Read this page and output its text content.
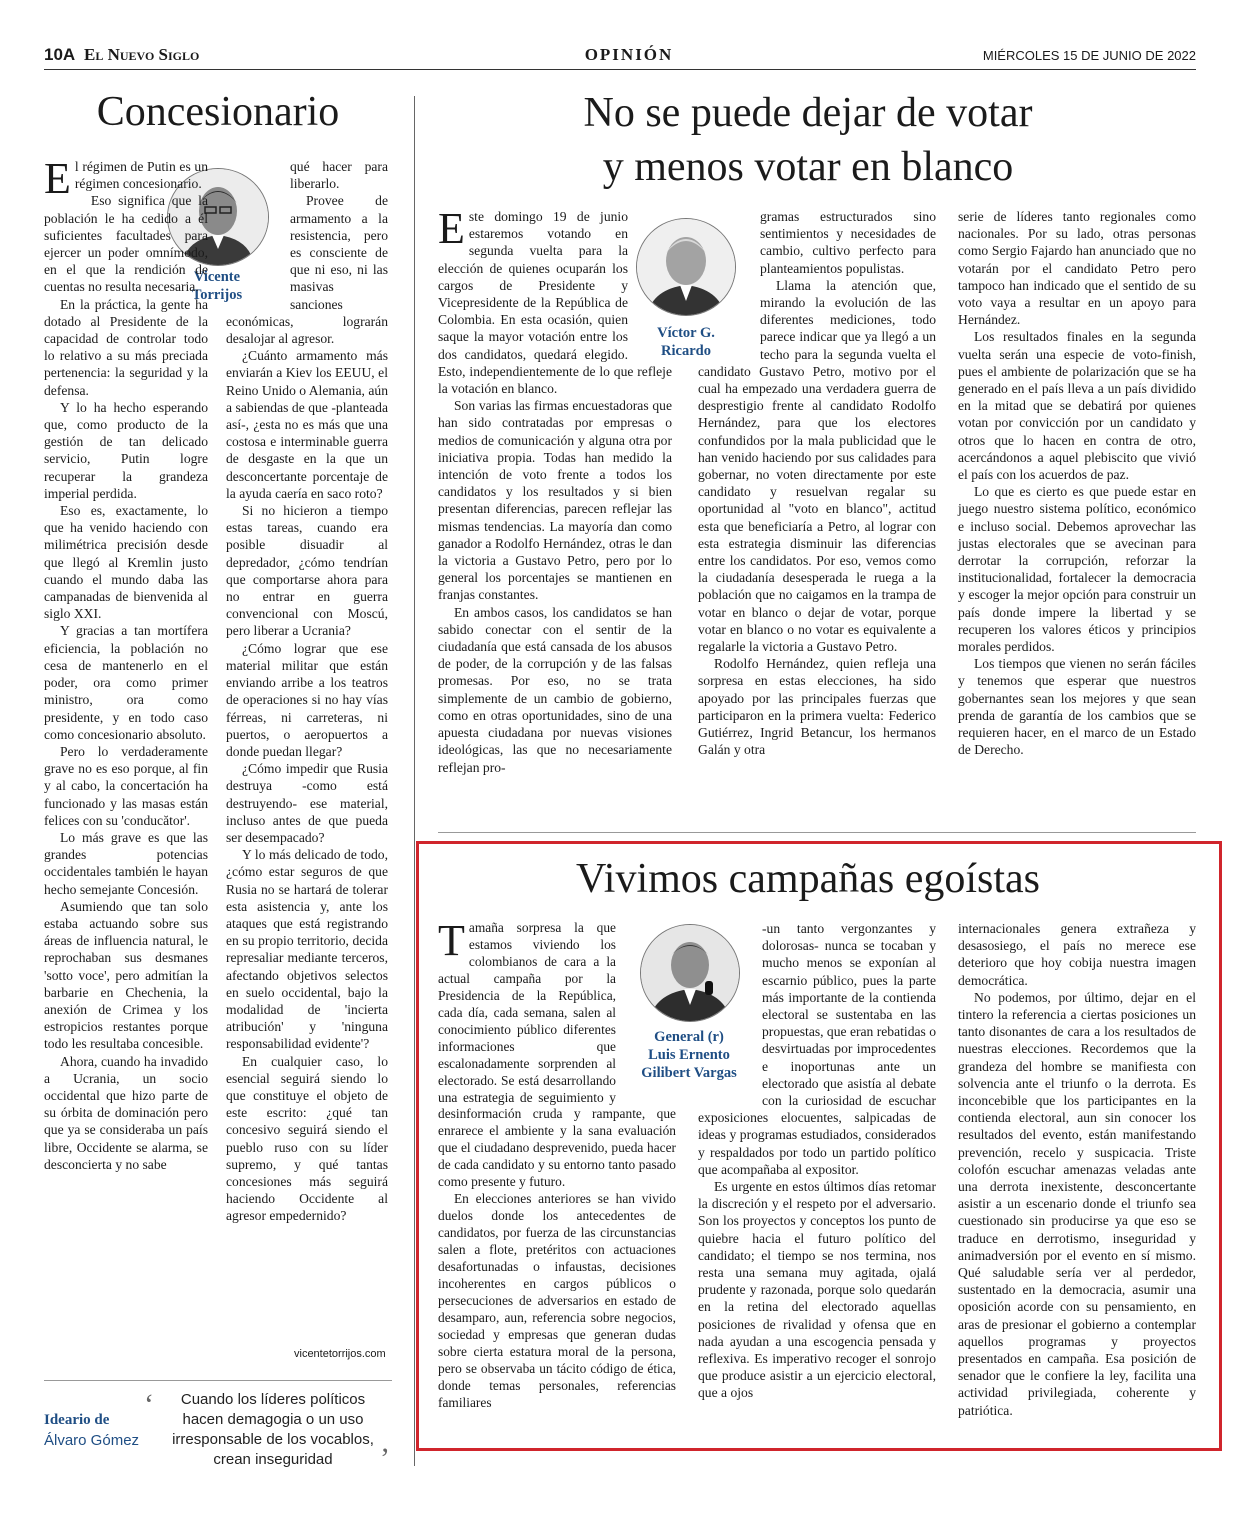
10A El Nuevo Siglo	OPINIÓN	MIÉRCOLES 15 DE JUNIO DE 2022
Concesionario
Vicente Torrijos
E l régimen de Putin es un régimen concesionario.

Eso significa que la población le ha cedido a él suficientes facultades para ejercer un poder omnímodo, en el que la rendición de cuentas no resulta necesaria.

En la práctica, la gente ha dotado al Presidente de la capacidad de controlar todo lo relativo a su más preciada pertenencia: la seguridad y la defensa.

Y lo ha hecho esperando que, como producto de la gestión de tan delicado servicio, Putin logre recuperar la grandeza imperial perdida.

Eso es, exactamente, lo que ha venido haciendo con milimétrica precisión desde que llegó al Kremlin justo cuando el mundo daba las campanadas de bienvenida al siglo XXI.

Y gracias a tan mortífera eficiencia, la población no cesa de mantenerlo en el poder, ora como primer ministro, ora como presidente, y en todo caso como concesionario absoluto.

Pero lo verdaderamente grave no es eso porque, al fin y al cabo, la concertación ha funcionado y las masas están felices con su 'conducător'.

Lo más grave es que las grandes potencias occidentales también le hayan hecho semejante Concesión.

Asumiendo que tan solo estaba actuando sobre sus áreas de influencia natural, le reprochaban sus desmanes 'sotto voce', pero admitían la barbarie en Chechenia, la anexión de Crimea y los estropicios restantes porque todo les resultaba concesible.

Ahora, cuando ha invadido a Ucrania, un socio occidental que hizo parte de su órbita de dominación pero que ya se consideraba un país libre, Occidente se alarma, se desconcierta y no sabe

qué hacer para liberarlo.

Provee de armamento a la resistencia, pero es consciente de que ni eso, ni las masivas sanciones económicas, lograrán desalojar al agresor.

¿Cuánto armamento más enviarán a Kiev los EEUU, el Reino Unido o Alemania, aún a sabiendas de que -planteada así-, ¿esta no es más que una costosa e interminable guerra de desgaste en la que un desconcertante porcentaje de la ayuda caería en saco roto?

Si no hicieron a tiempo estas tareas, cuando era posible disuadir al depredador, ¿cómo tendrían que comportarse ahora para no entrar en guerra convencional con Moscú, pero liberar a Ucrania?

¿Cómo lograr que ese material militar que están enviando arribe a los teatros de operaciones si no hay vías férreas, ni carreteras, ni puertos, o aeropuertos a donde puedan llegar?

¿Cómo impedir que Rusia destruya -como está destruyendo- ese material, incluso antes de que pueda ser desempacado?

Y lo más delicado de todo, ¿cómo estar seguros de que Rusia no se hartará de tolerar esta asistencia y, ante los ataques que está registrando en su propio territorio, decida represaliar mediante terceros, afectando objetivos selectos en suelo occidental, bajo la modalidad de 'incierta atribución' y 'ninguna responsabilidad evidente'?

En cualquier caso, lo esencial seguirá siendo lo que constituye el objeto de este escrito: ¿qué tan concesivo seguirá siendo el pueblo ruso con su líder supremo, y qué tantas concesiones más seguirá haciendo Occidente al agresor empedernido?

vicentetorrijos.com
Ideario de
Álvaro Gómez
‘	Cuando los líderes políticos hacen demagogia o un uso irresponsable de los vocablos, crean inseguridad	’
No se puede dejar de votar
y menos votar en blanco
Víctor G. Ricardo
E ste domingo 19 de junio estaremos votando en segunda vuelta para la elección de quienes ocuparán los cargos de Presidente y Vicepresidente de la República de Colombia. En esta ocasión, quien saque la mayor votación entre los dos candidatos, quedará elegido. Esto, independientemente de lo que refleje la votación en blanco.

Son varias las firmas encuestadoras que han sido contratadas por empresas o medios de comunicación y alguna otra por iniciativa propia. Todas han medido la intención de voto frente a todos los candidatos y los resultados y si bien presentan diferencias, parecen reflejar las mismas tendencias. La mayoría dan como ganador a Rodolfo Hernández, otras le dan la victoria a Gustavo Petro, pero por lo general los porcentajes se mantienen en franjas constantes.

En ambos casos, los candidatos se han sabido conectar con el sentir de la ciudadanía que está cansada de los abusos de poder, de la corrupción y de las falsas promesas. Por eso, no se trata simplemente de un cambio de gobierno, como en otras oportunidades, sino de una apuesta ciudadana por nuevas visiones ideológicas, las que no necesariamente reflejan pro-

gramas estructurados sino sentimientos y necesidades de cambio, cultivo perfecto para planteamientos populistas.

Llama la atención que, mirando la evolución de las diferentes mediciones, todo parece indicar que ya llegó a un techo para la segunda vuelta el candidato Gustavo Petro, motivo por el cual ha empezado una verdadera guerra de desprestigio frente al candidato Rodolfo Hernández, para que los electores confundidos por la mala publicidad que le han venido haciendo por sus calidades para gobernar, no voten directamente por este candidato y resuelvan regalar su oportunidad al "voto en blanco", actitud esta que beneficiaría a Petro, al lograr con esta estrategia disminuir las diferencias entre los candidatos. Por eso, vemos como la ciudadanía desesperada le ruega a la población que no caigamos en la trampa de votar en blanco o dejar de votar, porque votar en blanco o no votar es equivalente a regalarle la victoria a Gustavo Petro.

Rodolfo Hernández, quien refleja una sorpresa en estas elecciones, ha sido apoyado por las principales fuerzas que participaron en la primera vuelta: Federico Gutiérrez, Ingrid Betancur, los hermanos Galán y otra

serie de líderes tanto regionales como nacionales. Por su lado, otras personas como Sergio Fajardo han anunciado que no votarán por el candidato Petro pero tampoco han indicado que el sentido de su voto vaya a resultar en un apoyo para Hernández.

Los resultados finales en la segunda vuelta serán una especie de voto-finish, pues el ambiente de polarización que se ha generado en el país lleva a un país dividido en la mitad que se debatirá por quienes votan por convicción por un candidato y otros que lo hacen en contra de otro, acercándonos a aquel plebiscito que vivió el país con los acuerdos de paz.

Lo que es cierto es que puede estar en juego nuestro sistema político, económico e incluso social. Debemos aprovechar las justas electorales que se avecinan para derrotar la corrupción, reforzar la institucionalidad, fortalecer la democracia y escoger la mejor opción para construir un país donde impere la libertad y se recuperen los valores éticos y principios morales perdidos.

Los tiempos que vienen no serán fáciles y tenemos que esperar que nuestros gobernantes sean los mejores y que sean prenda de garantía de los cambios que se requieren hacer, en el marco de un Estado de Derecho.

Vivimos campañas egoístas
General (r)
Luis Ernento
Gilibert Vargas
T amaña sorpresa la que estamos viviendo los colombianos de cara a la actual campaña por la Presidencia de la República, cada día, cada semana, salen al conocimiento público diferentes informaciones que escalonadamente sorprenden al electorado. Se está desarrollando una estrategia de seguimiento y desinformación cruda y rampante, que enrarece el ambiente y la sana evaluación que el ciudadano desprevenido, pueda hacer de cada candidato y su entorno tanto pasado como presente y futuro.

En elecciones anteriores se han vivido duelos donde los antecedentes de candidatos, por fuerza de las circunstancias salen a flote, pretéritos con actuaciones desafortunadas o infaustas, decisiones incoherentes en cargos públicos o persecuciones de adversarios en estado de desamparo, aun, referencia sobre negocios, sociedad y empresas que generan dudas sobre cierta estatura moral de la persona, pero se observaba un tácito código de ética, donde temas personales, referencias familiares

-un tanto vergonzantes y dolorosas- nunca se tocaban y mucho menos se exponían al escarnio público, pues la parte más importante de la contienda electoral se sustentaba en las propuestas, que eran rebatidas o desvirtuadas por improcedentes e inoportunas ante un electorado que asistía al debate con la curiosidad de escuchar exposiciones elocuentes, salpicadas de ideas y programas estudiados, considerados y respaldados por todo un partido político que acompañaba al expositor.

Es urgente en estos últimos días retomar la discreción y el respeto por el adversario. Son los proyectos y conceptos los punto de quiebre hacia el futuro político del candidato; el tiempo se nos termina, nos resta una semana muy agitada, ojalá prudente y razonada, porque solo quedarán en la retina del electorado aquellas posiciones de rivalidad y ofensa que en nada ayudan a una escogencia pensada y reflexiva. Es imperativo recoger el sonrojo que produce asistir a un ejercicio electoral, que a ojos

internacionales genera extrañeza y desasosiego, el país no merece ese deterioro que hoy cobija nuestra imagen democrática.

No podemos, por último, dejar en el tintero la referencia a ciertas posiciones un tanto disonantes de cara a los resultados de nuestras elecciones. Recordemos que la grandeza del hombre se manifiesta con solvencia ante el triunfo o la derrota. Es inconcebible que los participantes en la contienda electoral, aun sin conocer los resultados del evento, están manifestando prevención, recelo y suspicacia. Triste colofón escuchar amenazas veladas ante una derrota inexistente, desconcertante asistir a un escenario donde el triunfo sea cuestionado sin producirse ya que eso se traduce en derrotismo, inseguridad y animadversión por el evento en sí mismo. Qué saludable sería ver al perdedor, sustentado en la democracia, asumir una oposición acorde con su pensamiento, en aras de presionar el gobierno a contemplar aquellos programas y proyectos presentados en campaña. Esa posición de senador que le confiere la ley, facilita una actividad privilegiada, coherente y patriótica.
